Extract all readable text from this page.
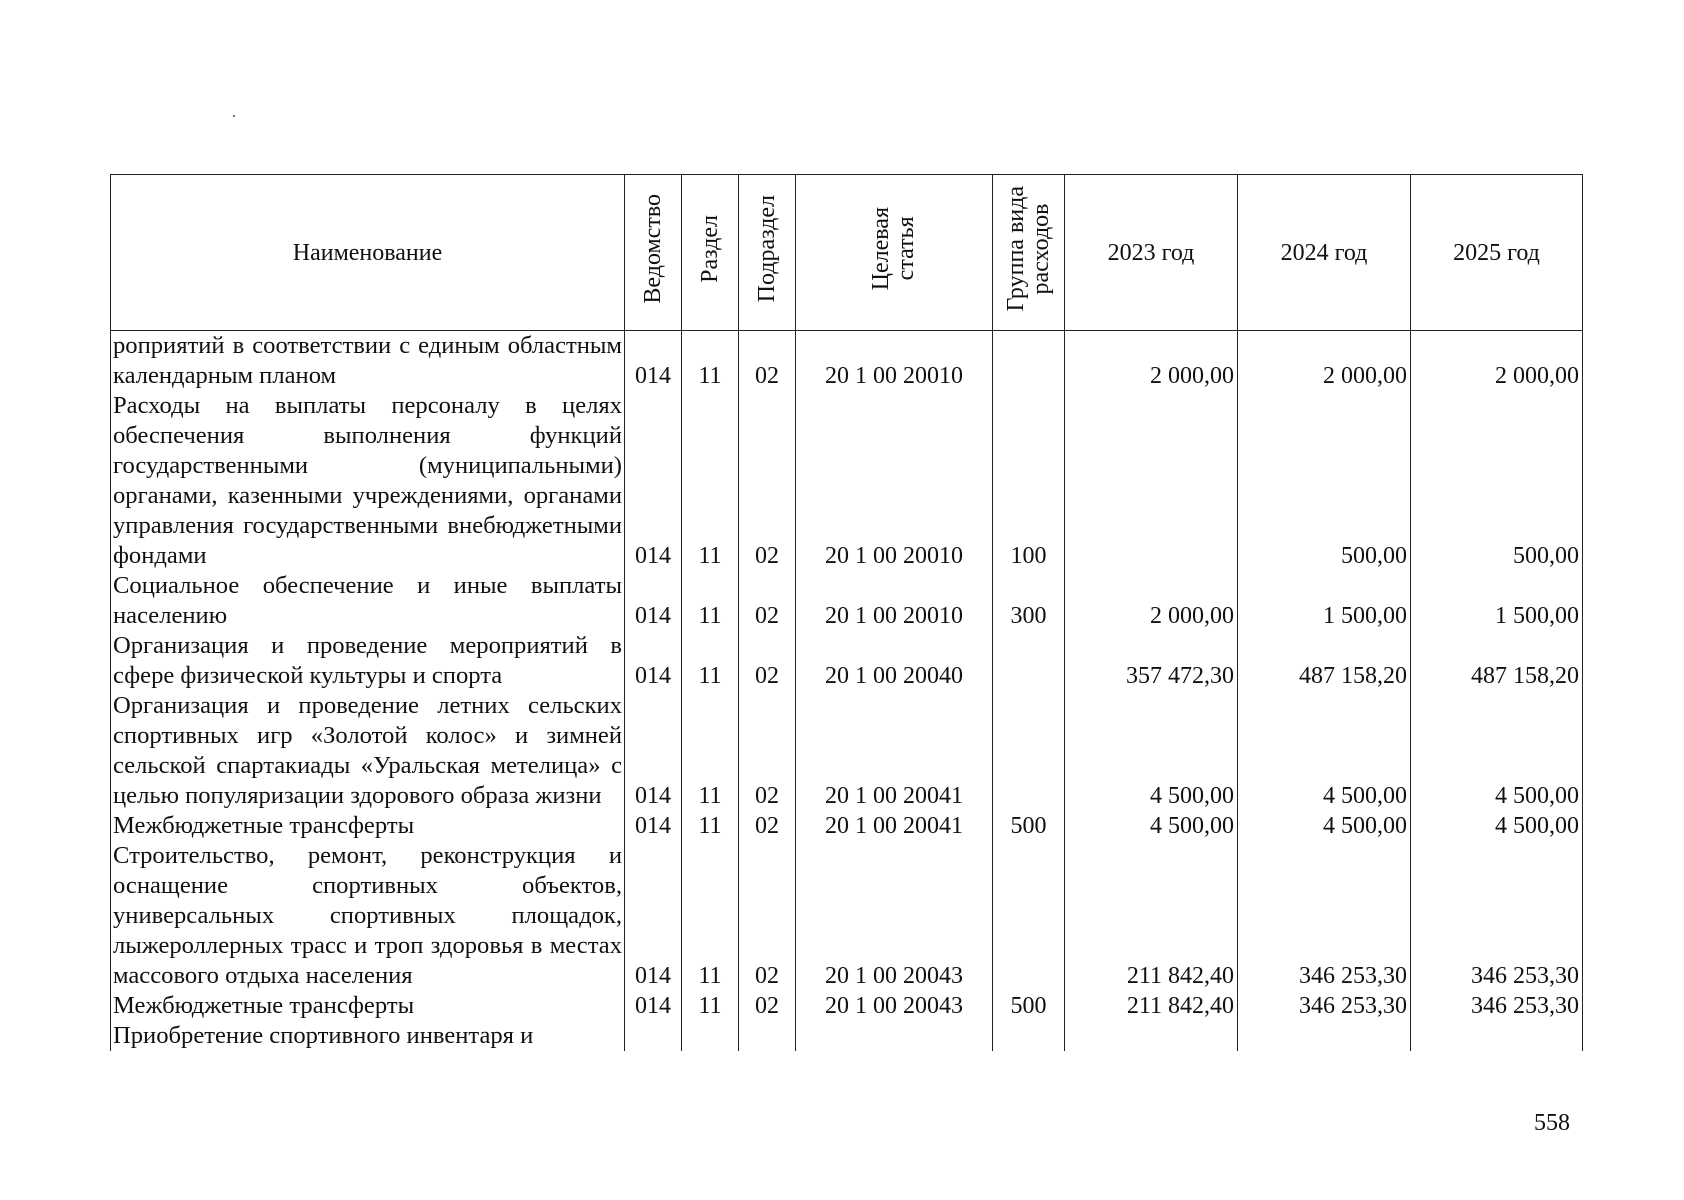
Наименование	Ведомство	Раздел	Подраздел	Целевая статья	Группа вида расходов	2023 год	2024 год	2025 год
роприятий в соответствии с единым областным календарным планом	014	11	02	20 1 00 20010		2 000,00	2 000,00	2 000,00
Расходы на выплаты персоналу в целях обеспечения выполнения функций государственными (муниципальными) органами, казенными учреждениями, органами управления государственными внебюджетными фондами	014	11	02	20 1 00 20010	100		500,00	500,00
Социальное обеспечение и иные выплаты населению	014	11	02	20 1 00 20010	300	2 000,00	1 500,00	1 500,00
Организация и проведение мероприятий в сфере физической культуры и спорта	014	11	02	20 1 00 20040		357 472,30	487 158,20	487 158,20
Организация и проведение летних сельских спортивных игр «Золотой колос» и зимней сельской спартакиады «Уральская метелица» с целью популяризации здорового образа жизни	014	11	02	20 1 00 20041		4 500,00	4 500,00	4 500,00
Межбюджетные трансферты	014	11	02	20 1 00 20041	500	4 500,00	4 500,00	4 500,00
Строительство, ремонт, реконструкция и оснащение спортивных объектов, универсальных спортивных площадок, лыжероллерных трасс и троп здоровья в местах массового отдыха населения	014	11	02	20 1 00 20043		211 842,40	346 253,30	346 253,30
Межбюджетные трансферты	014	11	02	20 1 00 20043	500	211 842,40	346 253,30	346 253,30
Приобретение спортивного инвентаря и								
558
